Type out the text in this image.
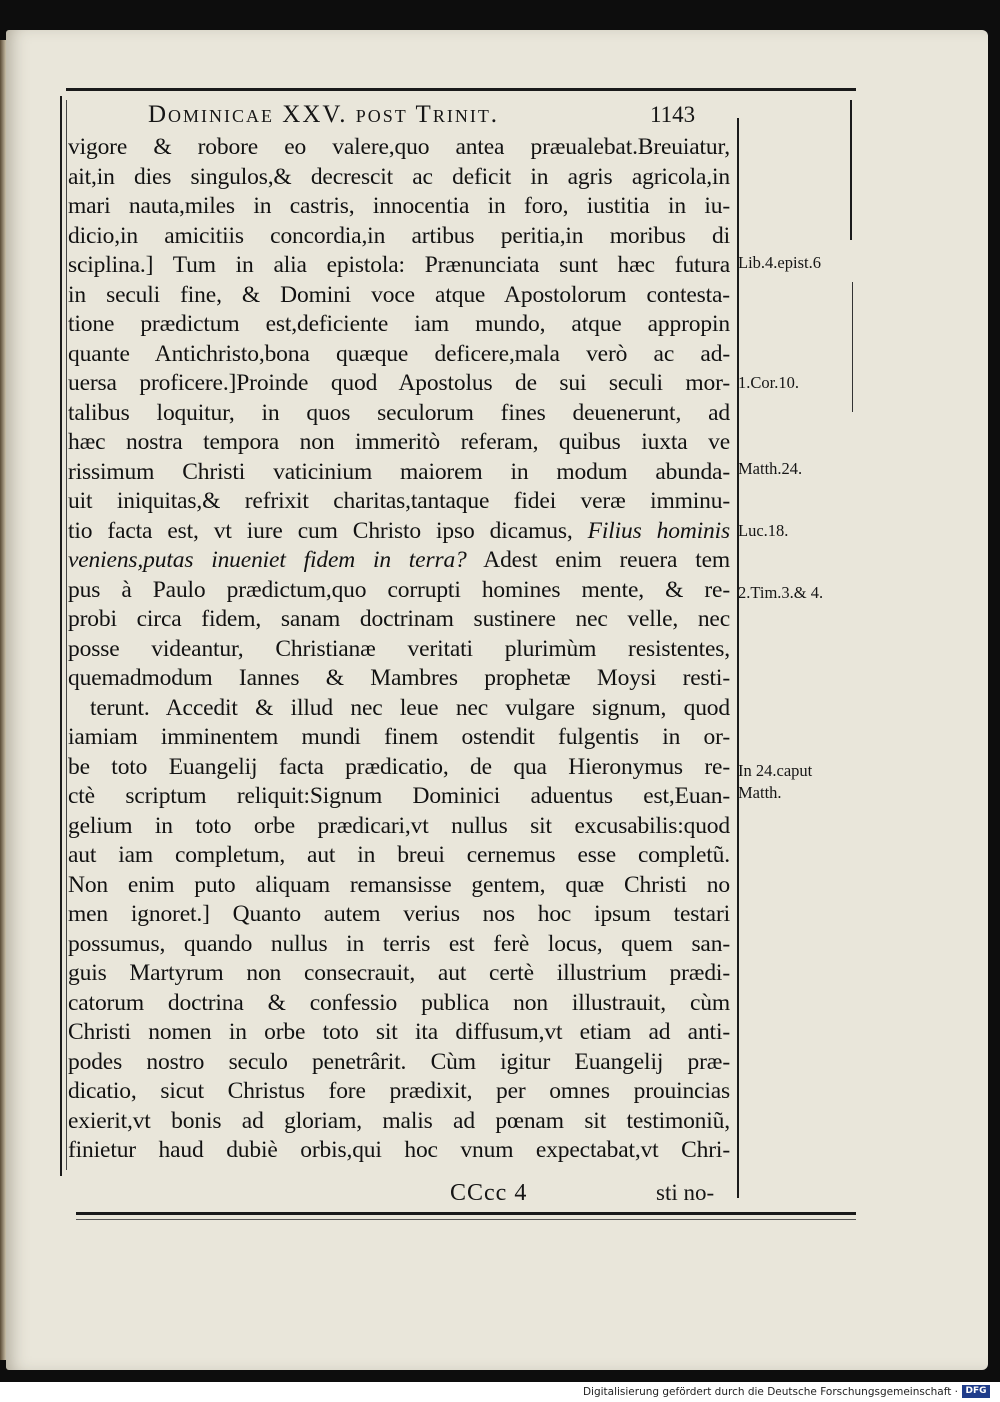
Dominicae XXV. post Trinit.	1143
vigore & robore eo valere,quo antea præualebat.Breuiatur,
ait,in dies singulos,& decrescit ac deficit in agris agricola,in
mari nauta,miles in castris, innocentia in foro, iustitia in iu-
dicio,in amicitiis concordia,in artibus peritia,in moribus di
sciplina.] Tum in alia epistola: Prænunciata sunt hæc futura
in seculi fine, & Domini voce atque Apostolorum contesta-
tione prædictum est,deficiente iam mundo, atque appropin
quante Antichristo,bona quæque deficere,mala verò ac ad-
uersa proficere.]Proinde quod Apostolus de sui seculi mor-
talibus loquitur, in quos seculorum fines deuenerunt, ad
hæc nostra tempora non immeritò referam, quibus iuxta ve
rissimum Christi vaticinium maiorem in modum abunda-
uit iniquitas,& refrixit charitas,tantaque fidei veræ imminu-
tio facta est, vt iure cum Christo ipso dicamus, Filius hominis
veniens,putas inueniet fidem in terra? Adest enim reuera tem
pus à Paulo prædictum,quo corrupti homines mente, & re-
probi circa fidem, sanam doctrinam sustinere nec velle, nec
posse videantur, Christianæ veritati plurimùm resistentes,
quemadmodum Iannes & Mambres prophetæ Moysi resti-
terunt. Accedit & illud nec leue nec vulgare signum, quod
iamiam imminentem mundi finem ostendit fulgentis in or-
be toto Euangelij facta prædicatio, de qua Hieronymus re-
ctè scriptum reliquit:Signum Dominici aduentus est,Euan-
gelium in toto orbe prædicari,vt nullus sit excusabilis:quod
aut iam completum, aut in breui cernemus esse completũ.
Non enim puto aliquam remansisse gentem, quæ Christi no
men ignoret.] Quanto autem verius nos hoc ipsum testari
possumus, quando nullus in terris est ferè locus, quem san-
guis Martyrum non consecrauit, aut certè illustrium prædi-
catorum doctrina & confessio publica non illustrauit, cùm
Christi nomen in orbe toto sit ita diffusum,vt etiam ad anti-
podes nostro seculo penetrârit. Cùm igitur Euangelij præ-
dicatio, sicut Christus fore prædixit, per omnes prouincias
exierit,vt bonis ad gloriam, malis ad pœnam sit testimoniũ,
finietur haud dubiè orbis,qui hoc vnum expectabat,vt Chri-
Lib.4.epist.6
1.Cor.10.
Matth.24.
Luc.18.
2.Tim.3.& 4.
In 24.caput
Matth.
CCcc 4	sti no-
Digitalisierung gefördert durch die Deutsche Forschungsgemeinschaft · DFG
